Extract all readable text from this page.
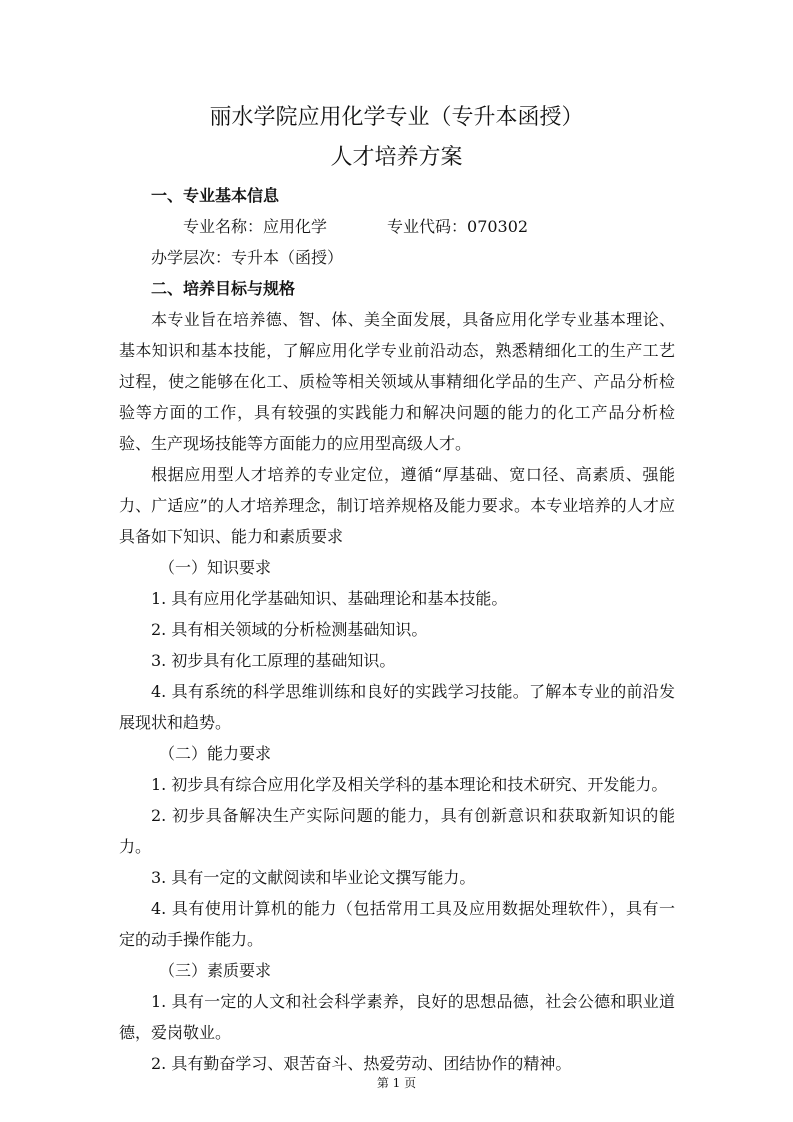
丽水学院应用化学专业（专升本函授）
人才培养方案

一、专业基本信息

专业名称：应用化学	专业代码：070302办学层次：专升本（函授）

二、培养目标与规格

本专业旨在培养德、智、体、美全面发展，具备应用化学专业基本理论、基本知识和基本技能，了解应用化学专业前沿动态，熟悉精细化工的生产工艺过程，使之能够在化工、质检等相关领域从事精细化学品的生产、产品分析检验等方面的工作，具有较强的实践能力和解决问题的能力的化工产品分析检验、生产现场技能等方面能力的应用型高级人才。

根据应用型人才培养的专业定位，遵循“厚基础、宽口径、高素质、强能力、广适应”的人才培养理念，制订培养规格及能力要求。本专业培养的人才应具备如下知识、能力和素质要求

（一）知识要求

1. 具有应用化学基础知识、基础理论和基本技能。

2. 具有相关领域的分析检测基础知识。

3. 初步具有化工原理的基础知识。

4. 具有系统的科学思维训练和良好的实践学习技能。了解本专业的前沿发展现状和趋势。

（二）能力要求

1. 初步具有综合应用化学及相关学科的基本理论和技术研究、开发能力。

2. 初步具备解决生产实际问题的能力，具有创新意识和获取新知识的能力。

3. 具有一定的文献阅读和毕业论文撰写能力。

4. 具有使用计算机的能力（包括常用工具及应用数据处理软件），具有一定的动手操作能力。

（三）素质要求

1. 具有一定的人文和社会科学素养，良好的思想品德，社会公德和职业道德，爱岗敬业。

2. 具有勤奋学习、艰苦奋斗、热爱劳动、团结协作的精神。

第 1 页
